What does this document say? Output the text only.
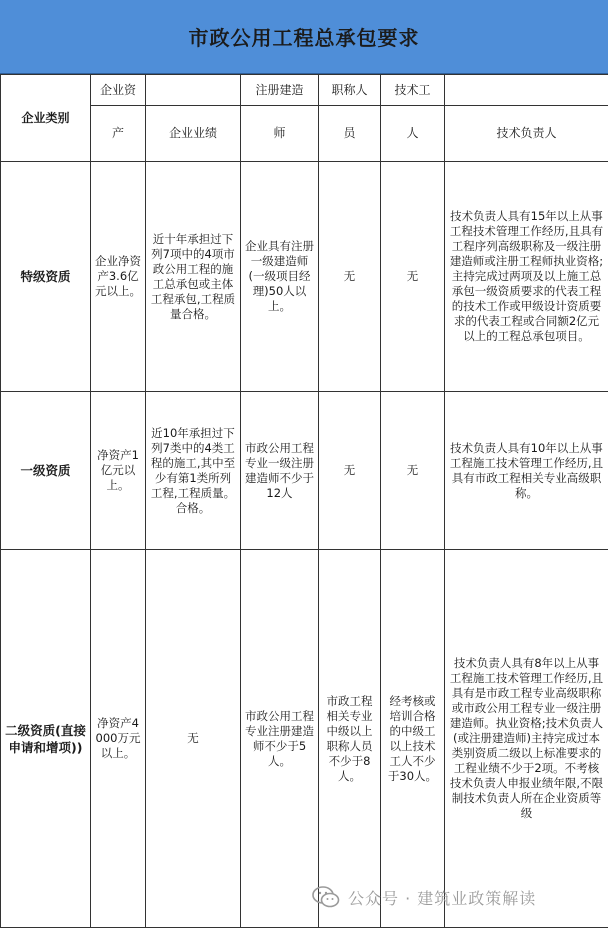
市政公用工程总承包要求
企业类别	企业资		注册建造	职称人	技术工	
	产	企业业绩	师	员	人	技术负责人
特级资质	企业净资产3.6亿元以上。	近十年承担过下列7项中的4项市政公用工程的施工总承包或主体工程承包,工程质量合格。	企业具有注册一级建造师(一级项目经理)50人以上。	无	无	技术负责人具有15年以上从事工程技术管理工作经历,且具有工程序列高级职称及一级注册建造师或注册工程师执业资格;主持完成过两项及以上施工总承包一级资质要求的代表工程的技术工作或甲级设计资质要求的代表工程或合同额2亿元以上的工程总承包项目。
一级资质	净资产1亿元以上。	近10年承担过下列7类中的4类工程的施工,其中至少有第1类所列工程,工程质量。合格。	市政公用工程专业一级注册建造师不少于12人	无	无	技术负责人具有10年以上从事工程施工技术管理工作经历,且具有市政工程相关专业高级职称。
二级资质(直接申请和增项))	净资产4000万元以上。	无	市政公用工程专业注册建造师不少于5人。	市政工程相关专业中级以上职称人员不少于8人。	经考核或培训合格的中级工以上技术工人不少于30人。	技术负责人具有8年以上从事工程施工技术管理工作经历,且具有是市政工程专业高级职称或市政公用工程专业一级注册建造师。执业资格;技术负责人(或注册建造师)主持完成过本类别资质二级以上标准要求的工程业绩不少于2项。不考核技术负责人申报业绩年限,不限制技术负责人所在企业资质等级
公众号 · 建筑业政策解读
